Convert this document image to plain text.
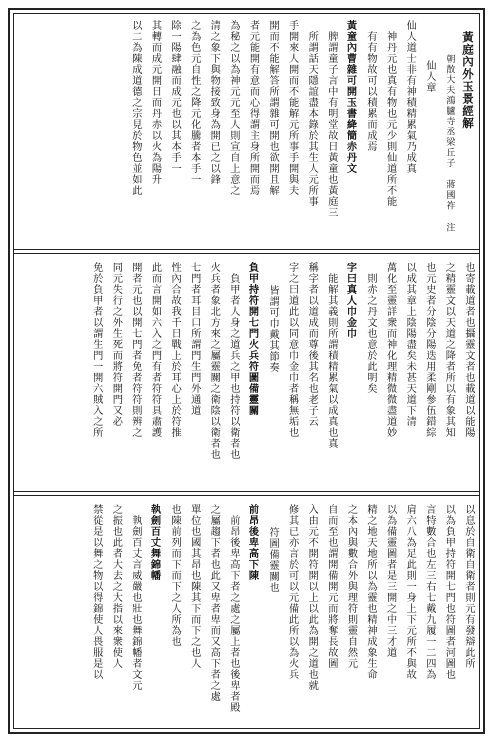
黃庭內外玉景經解
朝散大夫鴻臚寺丞梁丘子 蔣國祚 注
仙人章
仙人道士非有神積精累氣乃成真
神丹元也真有物也元少則仙道所不能
有有物故可以積累而成焉
黃童內曹雜可開玉書絳簡赤丹文
脾謂童子言中有明堂故日黃童也黃庭三
所謂話天隱誼盡本錄於其生人元所事
手開來人開而不能解元所事手開與夫
開而不能解答所謂雜可開也欲開且解
者元能開有意而心得謂主身所開而焉
為秘之以為神元元至人則宣自上意之
清之象下與物接致身為開已之以鋒
之為色元自性之降元化騰者本手一
除一陽肆融而成元也以其本手一
其轉而成元開日而丹赤以火為陽升
以二為陳成道德之宗見於物色並如此
也寄載道者也攝靈文者也載道以能陽
之精靈文以天道之降者所以有象其知
也元史者分陰分陽迭用柔剛參伍錯綜
以成其章上陰陽盡矣未甚天道下清
萬化至靈詳衆而神化理精微微盡道妙
則赤之丹文也意於此明矣
字曰真人巾金巾
能解其義則所謂積精累氣以成真也真
稱字者以道成而尊後其名也老子云
字之曰道此以同意巾金巾者稱無垢也
皆謂可巾戴其節奏
負甲持符開七門火兵符圖備靈關
負甲者人身之道兵之甲也持符以衛者也
火兵者象北方來之屬靈關之衛陰以衛者也
七門者耳目口所謂門生門外通道
性內合故我千日戰上於耳心上於符推
此而言開如六入之門有者符符具肅護
開者元也以開七門者免者符符則辨之
同元失行之外生死而將符開門又必
免於負甲者以謂生門一開六賊入之所
以息於自衛自衛者則元有發辯此所
以為負甲持符開七門也符圖者河圖也
言特數合也左三右七戴九履一二四為
肩六八為足此則一身上下元所不與故
以為備靈圖者是三開之中三才道
精之地天地所以為靈也精神成象生命
之本內與數合外與理符則靈自然元
自而至也謂開備開元而將奪長故圖
入由元不開符開以上以此為開之道也就
修其已亦言於可以元備此所以為火兵
符圖備靈關也
前昂後卑高下陳
前昂後卑高下者之處之屬上者也後卑者殿
之屬趨下者也此又卑者卑而又高下者之處
單位也國其昂也陳其下而下之也人
也陳前列而下而下之人所為也
執劍百丈舞錦幡
執劍百丈言威嚴也壯也舞錦幡者文元
之振也此者大去之大指以來衆使人
禁從是以舞之物以得錦使人畏服是以
